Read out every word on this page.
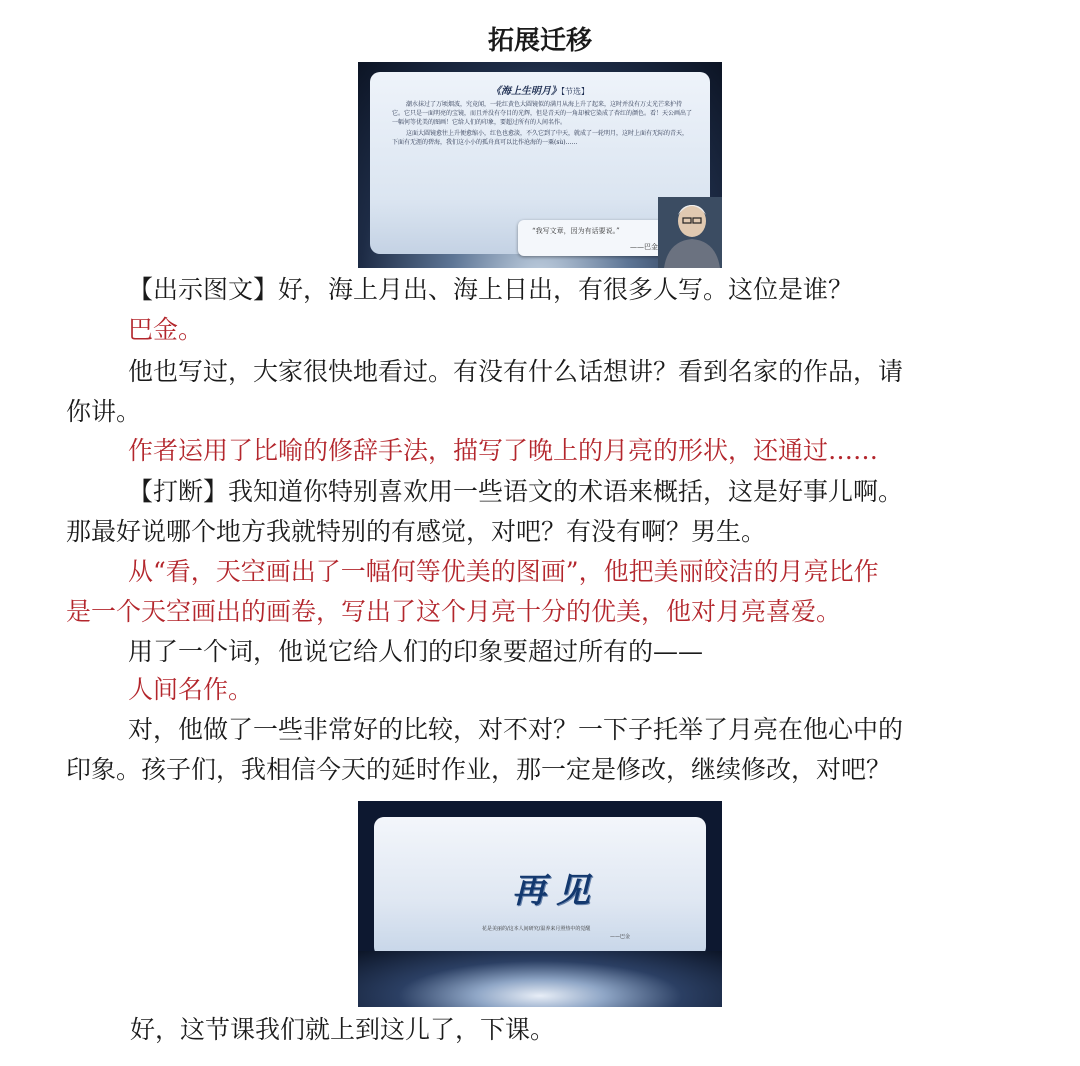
拓展迁移
《海上生明月》【节选】

潮水抹过了万顷烟波，究竟闻，一轮红黄色大圆镜似的满月从海上升了起来，这时并没有万丈光芒来护持它。它只是一面明亮的宝镜，而且并没有夺目的光辉，但是青天的一角却被它染成了杏红的颜色。看！天公画出了一幅何等优美的图画！它给人们的印象，要超过所有的人间名作。

这面大圆镜愈往上升便愈缩小，红色也愈淡，不久它到了中天，就成了一轮明月，这时上面有无际的青天，下面有无涯的碧海，我们这小小的孤舟真可以比作沧海的一粟(sù)……

“我写文章，因为有话要说。”
——巴金
【出示图文】好，海上月出、海上日出，有很多人写。这位是谁？
巴金。
他也写过，大家很快地看过。有没有什么话想讲？看到名家的作品，请
你讲。
作者运用了比喻的修辞手法，描写了晚上的月亮的形状，还通过……
【打断】我知道你特别喜欢用一些语文的术语来概括，这是好事儿啊。
那最好说哪个地方我就特别的有感觉，对吧？有没有啊？男生。
从“看，天空画出了一幅何等优美的图画”，他把美丽皎洁的月亮比作
是一个天空画出的画卷，写出了这个月亮十分的优美，他对月亮喜爱。
用了一个词，他说它给人们的印象要超过所有的——
人间名作。
对，他做了一些非常好的比较，对不对？一下子托举了月亮在他心中的
印象。孩子们，我相信今天的延时作业，那一定是修改，继续修改，对吧？
再见
花是美丽的/这本人间研究/温养来月照热中的觉醒
——巴金
好，这节课我们就上到这儿了，下课。
